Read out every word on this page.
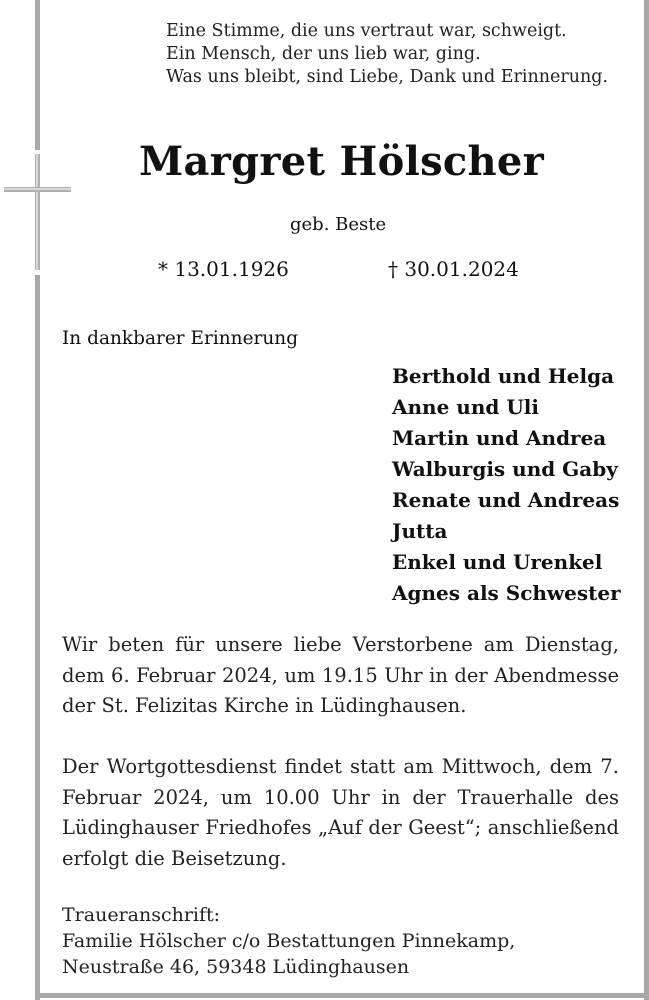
Eine Stimme, die uns vertraut war, schweigt.
Ein Mensch, der uns lieb war, ging.
Was uns bleibt, sind Liebe, Dank und Erinnerung.
Margret Hölscher
geb. Beste
* 13.01.1926	† 30.01.2024
In dankbarer Erinnerung
Berthold und Helga
Anne und Uli
Martin und Andrea
Walburgis und Gaby
Renate und Andreas
Jutta
Enkel und Urenkel
Agnes als Schwester
Wir beten für unsere liebe Verstorbene am Dienstag, dem 6. Februar 2024, um 19.15 Uhr in der Abendmesse der St. Felizitas Kirche in Lüdinghausen.
Der Wortgottesdienst findet statt am Mittwoch, dem 7. Februar 2024, um 10.00 Uhr in der Trauerhalle des Lüdinghauser Friedhofes „Auf der Geest“; anschließend erfolgt die Beisetzung.
Traueranschrift:
Familie Hölscher c/o Bestattungen Pinnekamp,
Neustraße 46, 59348 Lüdinghausen
